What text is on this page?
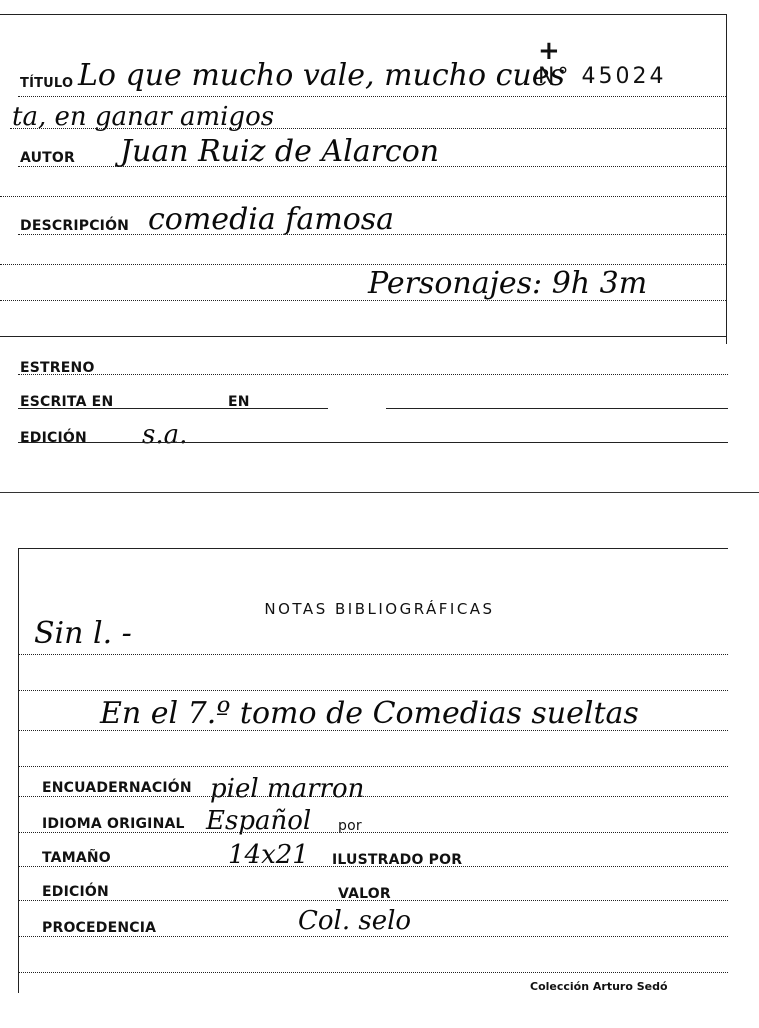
TÍTULO Lo que mucho vale, mucho cues
+
N° 45024
ta, en ganar amigos
AUTOR Juan Ruiz de Alarcon
DESCRIPCIÓN comedia famosa
Personajes: 9h 3m
ESTRENO
ESCRITA EN	EN
EDICIÓN s.a.
NOTAS BIBLIOGRÁFICAS
Sin l. -
En el 7.º tomo de Comedias sueltas
ENCUADERNACIÓN piel marron
IDIOMA ORIGINAL Español por
TAMAÑO	14x21 ILUSTRADO POR
EDICIÓN	VALOR
PROCEDENCIA	Col. selo
Colección Arturo Sedó
